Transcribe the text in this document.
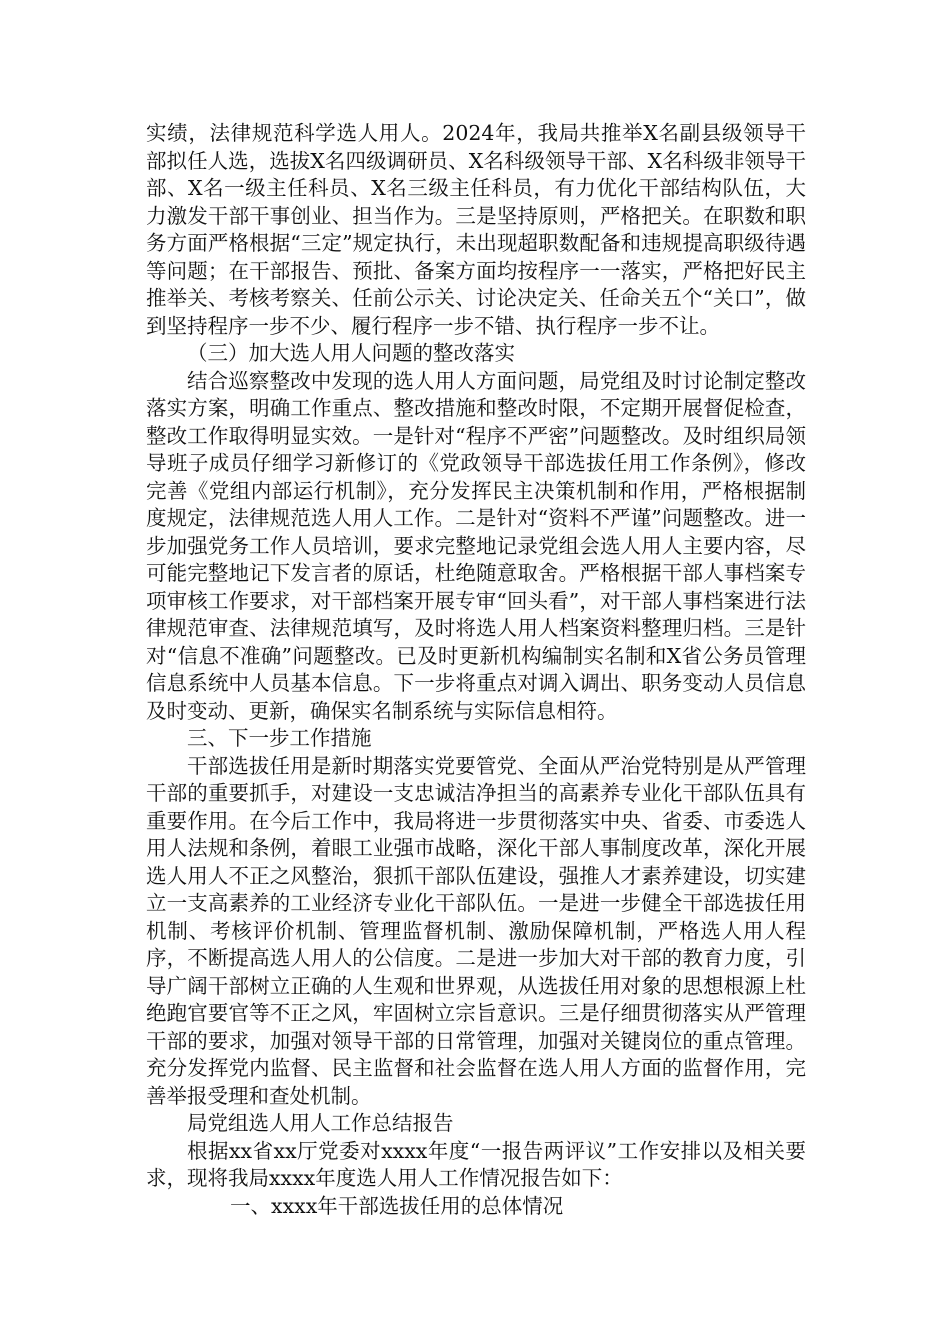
实绩，法律规范科学选人用人。2024年，我局共推举X名副县级领导干部拟任人选，选拔X名四级调研员、X名科级领导干部、X名科级非领导干部、X名一级主任科员、X名三级主任科员，有力优化干部结构队伍，大力激发干部干事创业、担当作为。三是坚持原则，严格把关。在职数和职务方面严格根据“三定”规定执行，未出现超职数配备和违规提高职级待遇等问题；在干部报告、预批、备案方面均按程序一一落实，严格把好民主推举关、考核考察关、任前公示关、讨论决定关、任命关五个“关口”，做到坚持程序一步不少、履行程序一步不错、执行程序一步不让。

（三）加大选人用人问题的整改落实

结合巡察整改中发现的选人用人方面问题，局党组及时讨论制定整改落实方案，明确工作重点、整改措施和整改时限，不定期开展督促检查，整改工作取得明显实效。一是针对“程序不严密”问题整改。及时组织局领导班子成员仔细学习新修订的《党政领导干部选拔任用工作条例》，修改完善《党组内部运行机制》，充分发挥民主决策机制和作用，严格根据制度规定，法律规范选人用人工作。二是针对“资料不严谨”问题整改。进一步加强党务工作人员培训，要求完整地记录党组会选人用人主要内容，尽可能完整地记下发言者的原话，杜绝随意取舍。严格根据干部人事档案专项审核工作要求，对干部档案开展专审“回头看”，对干部人事档案进行法律规范审查、法律规范填写，及时将选人用人档案资料整理归档。三是针对“信息不准确”问题整改。已及时更新机构编制实名制和X省公务员管理信息系统中人员基本信息。下一步将重点对调入调出、职务变动人员信息及时变动、更新，确保实名制系统与实际信息相符。

三、下一步工作措施

干部选拔任用是新时期落实党要管党、全面从严治党特别是从严管理干部的重要抓手，对建设一支忠诚洁净担当的高素养专业化干部队伍具有重要作用。在今后工作中，我局将进一步贯彻落实中央、省委、市委选人用人法规和条例，着眼工业强市战略，深化干部人事制度改革，深化开展选人用人不正之风整治，狠抓干部队伍建设，强推人才素养建设，切实建立一支高素养的工业经济专业化干部队伍。一是进一步健全干部选拔任用机制、考核评价机制、管理监督机制、激励保障机制，严格选人用人程序，不断提高选人用人的公信度。二是进一步加大对干部的教育力度，引导广阔干部树立正确的人生观和世界观，从选拔任用对象的思想根源上杜绝跑官要官等不正之风，牢固树立宗旨意识。三是仔细贯彻落实从严管理干部的要求，加强对领导干部的日常管理，加强对关键岗位的重点管理。充分发挥党内监督、民主监督和社会监督在选人用人方面的监督作用，完善举报受理和查处机制。

局党组选人用人工作总结报告

根据xx省xx厅党委对xxxx年度“一报告两评议”工作安排以及相关要求，现将我局xxxx年度选人用人工作情况报告如下：

一、xxxx年干部选拔任用的总体情况
